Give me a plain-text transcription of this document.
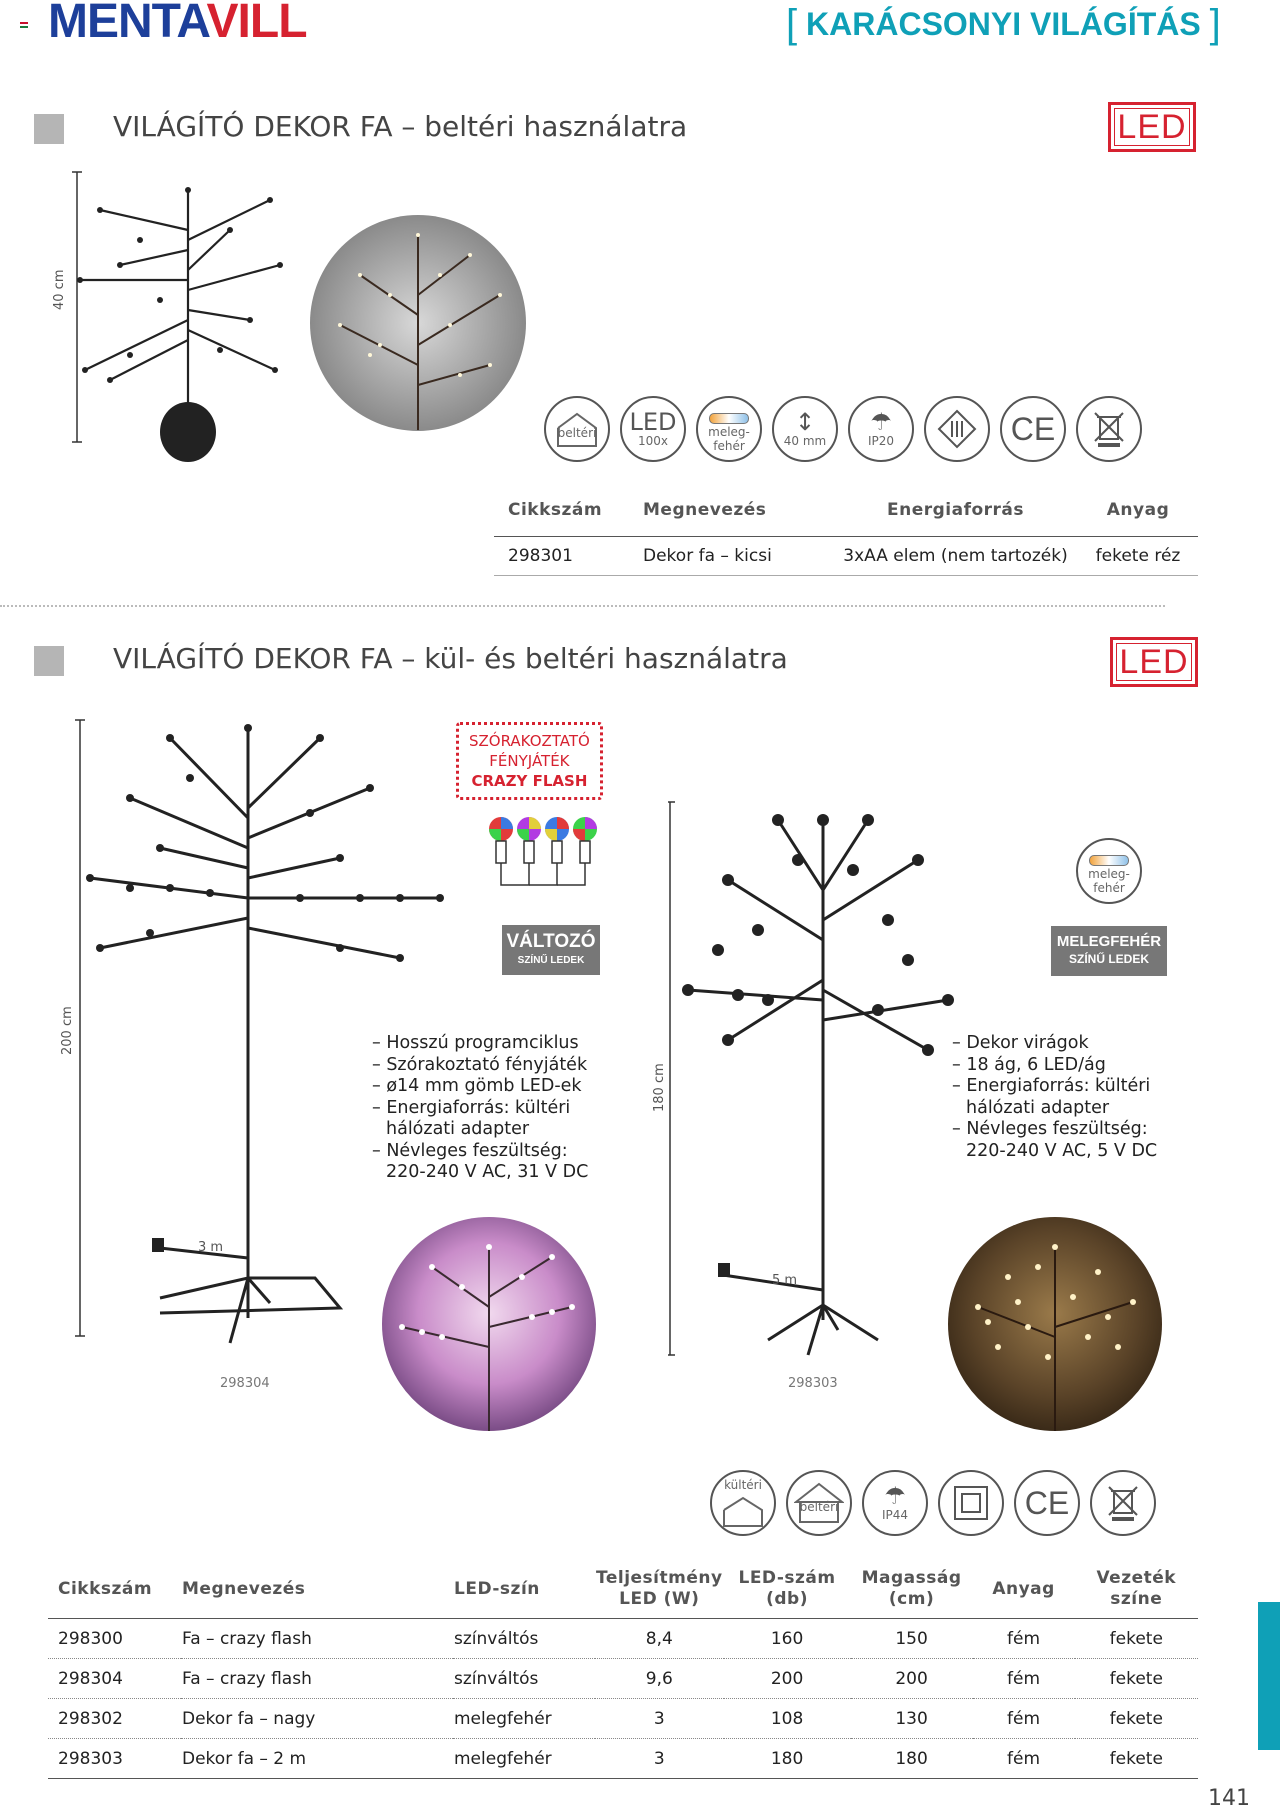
MENTAVILL	[ KARÁCSONYI VILÁGÍTÁS ]
VILÁGÍTÓ DEKOR FA – beltéri használatra	LED
40 cm
beltéri LED
100x
meleg-
fehér
↕
40 mm
☂
IP20	CE
Cikkszám	Megnevezés	Energiaforrás	Anyag
298301	Dekor fa – kicsi	3xAA elem (nem tartozék)	fekete réz
VILÁGÍTÓ DEKOR FA – kül- és beltéri használatra	LED
200 cm
3 m
298304
SZÓRAKOZTATÓ
FÉNYJÁTÉK
CRAZY FLASH
VÁLTOZÓ
SZÍNŰ LEDEK
– Hosszú programciklus
– Szórakoztató fényjáték
– ø14 mm gömb LED-ek
– Energiaforrás: kültéri hálózati adapter
– Névleges feszültség: 220-240 V AC, 31 V DC
180 cm
5 m
298303
meleg-
fehér
MELEGFEHÉR
SZÍNŰ LEDEK
– Dekor virágok
– 18 ág, 6 LED/ág
– Energiaforrás: kültéri hálózati adapter
– Névleges feszültség: 220-240 V AC, 5 V DC
kültéri
beltéri ☂
IP44	CE
Cikkszám	Megnevezés	LED-szín	Teljesítmény LED (W)	LED-szám (db)	Magasság (cm)	Anyag	Vezeték színe
298300	Fa – crazy flash	színváltós	8,4	160	150	fém	fekete
298304	Fa – crazy flash	színváltós	9,6	200	200	fém	fekete
298302	Dekor fa – nagy	melegfehér	3	108	130	fém	fekete
298303	Dekor fa – 2 m	melegfehér	3	180	180	fém	fekete
141
